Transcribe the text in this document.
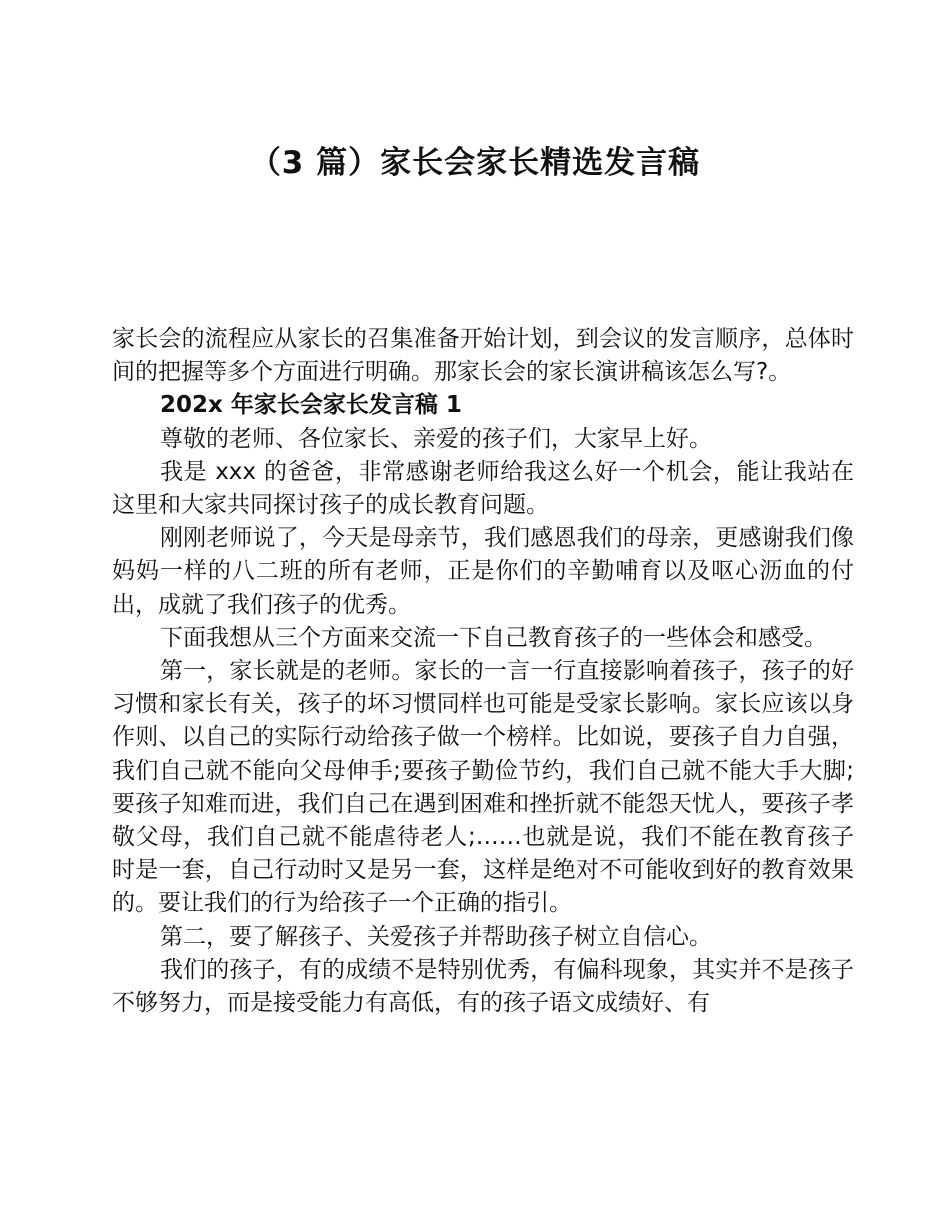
（3 篇）家长会家长精选发言稿

家长会的流程应从家长的召集准备开始计划，到会议的发言顺序，总体时间的把握等多个方面进行明确。那家长会的家长演讲稿该怎么写?。

202x 年家长会家长发言稿 1

尊敬的老师、各位家长、亲爱的孩子们，大家早上好。

我是 xxx 的爸爸，非常感谢老师给我这么好一个机会，能让我站在这里和大家共同探讨孩子的成长教育问题。

刚刚老师说了，今天是母亲节，我们感恩我们的母亲，更感谢我们像妈妈一样的八二班的所有老师，正是你们的辛勤哺育以及呕心沥血的付出，成就了我们孩子的优秀。

下面我想从三个方面来交流一下自己教育孩子的一些体会和感受。

第一，家长就是的老师。家长的一言一行直接影响着孩子，孩子的好习惯和家长有关，孩子的坏习惯同样也可能是受家长影响。家长应该以身作则、以自己的实际行动给孩子做一个榜样。比如说，要孩子自力自强，我们自己就不能向父母伸手;要孩子勤俭节约，我们自己就不能大手大脚;要孩子知难而进，我们自己在遇到困难和挫折就不能怨天忧人，要孩子孝敬父母，我们自己就不能虐待老人;……也就是说，我们不能在教育孩子时是一套，自己行动时又是另一套，这样是绝对不可能收到好的教育效果的。要让我们的行为给孩子一个正确的指引。

第二，要了解孩子、关爱孩子并帮助孩子树立自信心。

我们的孩子，有的成绩不是特别优秀，有偏科现象，其实并不是孩子不够努力，而是接受能力有高低，有的孩子语文成绩好、有
